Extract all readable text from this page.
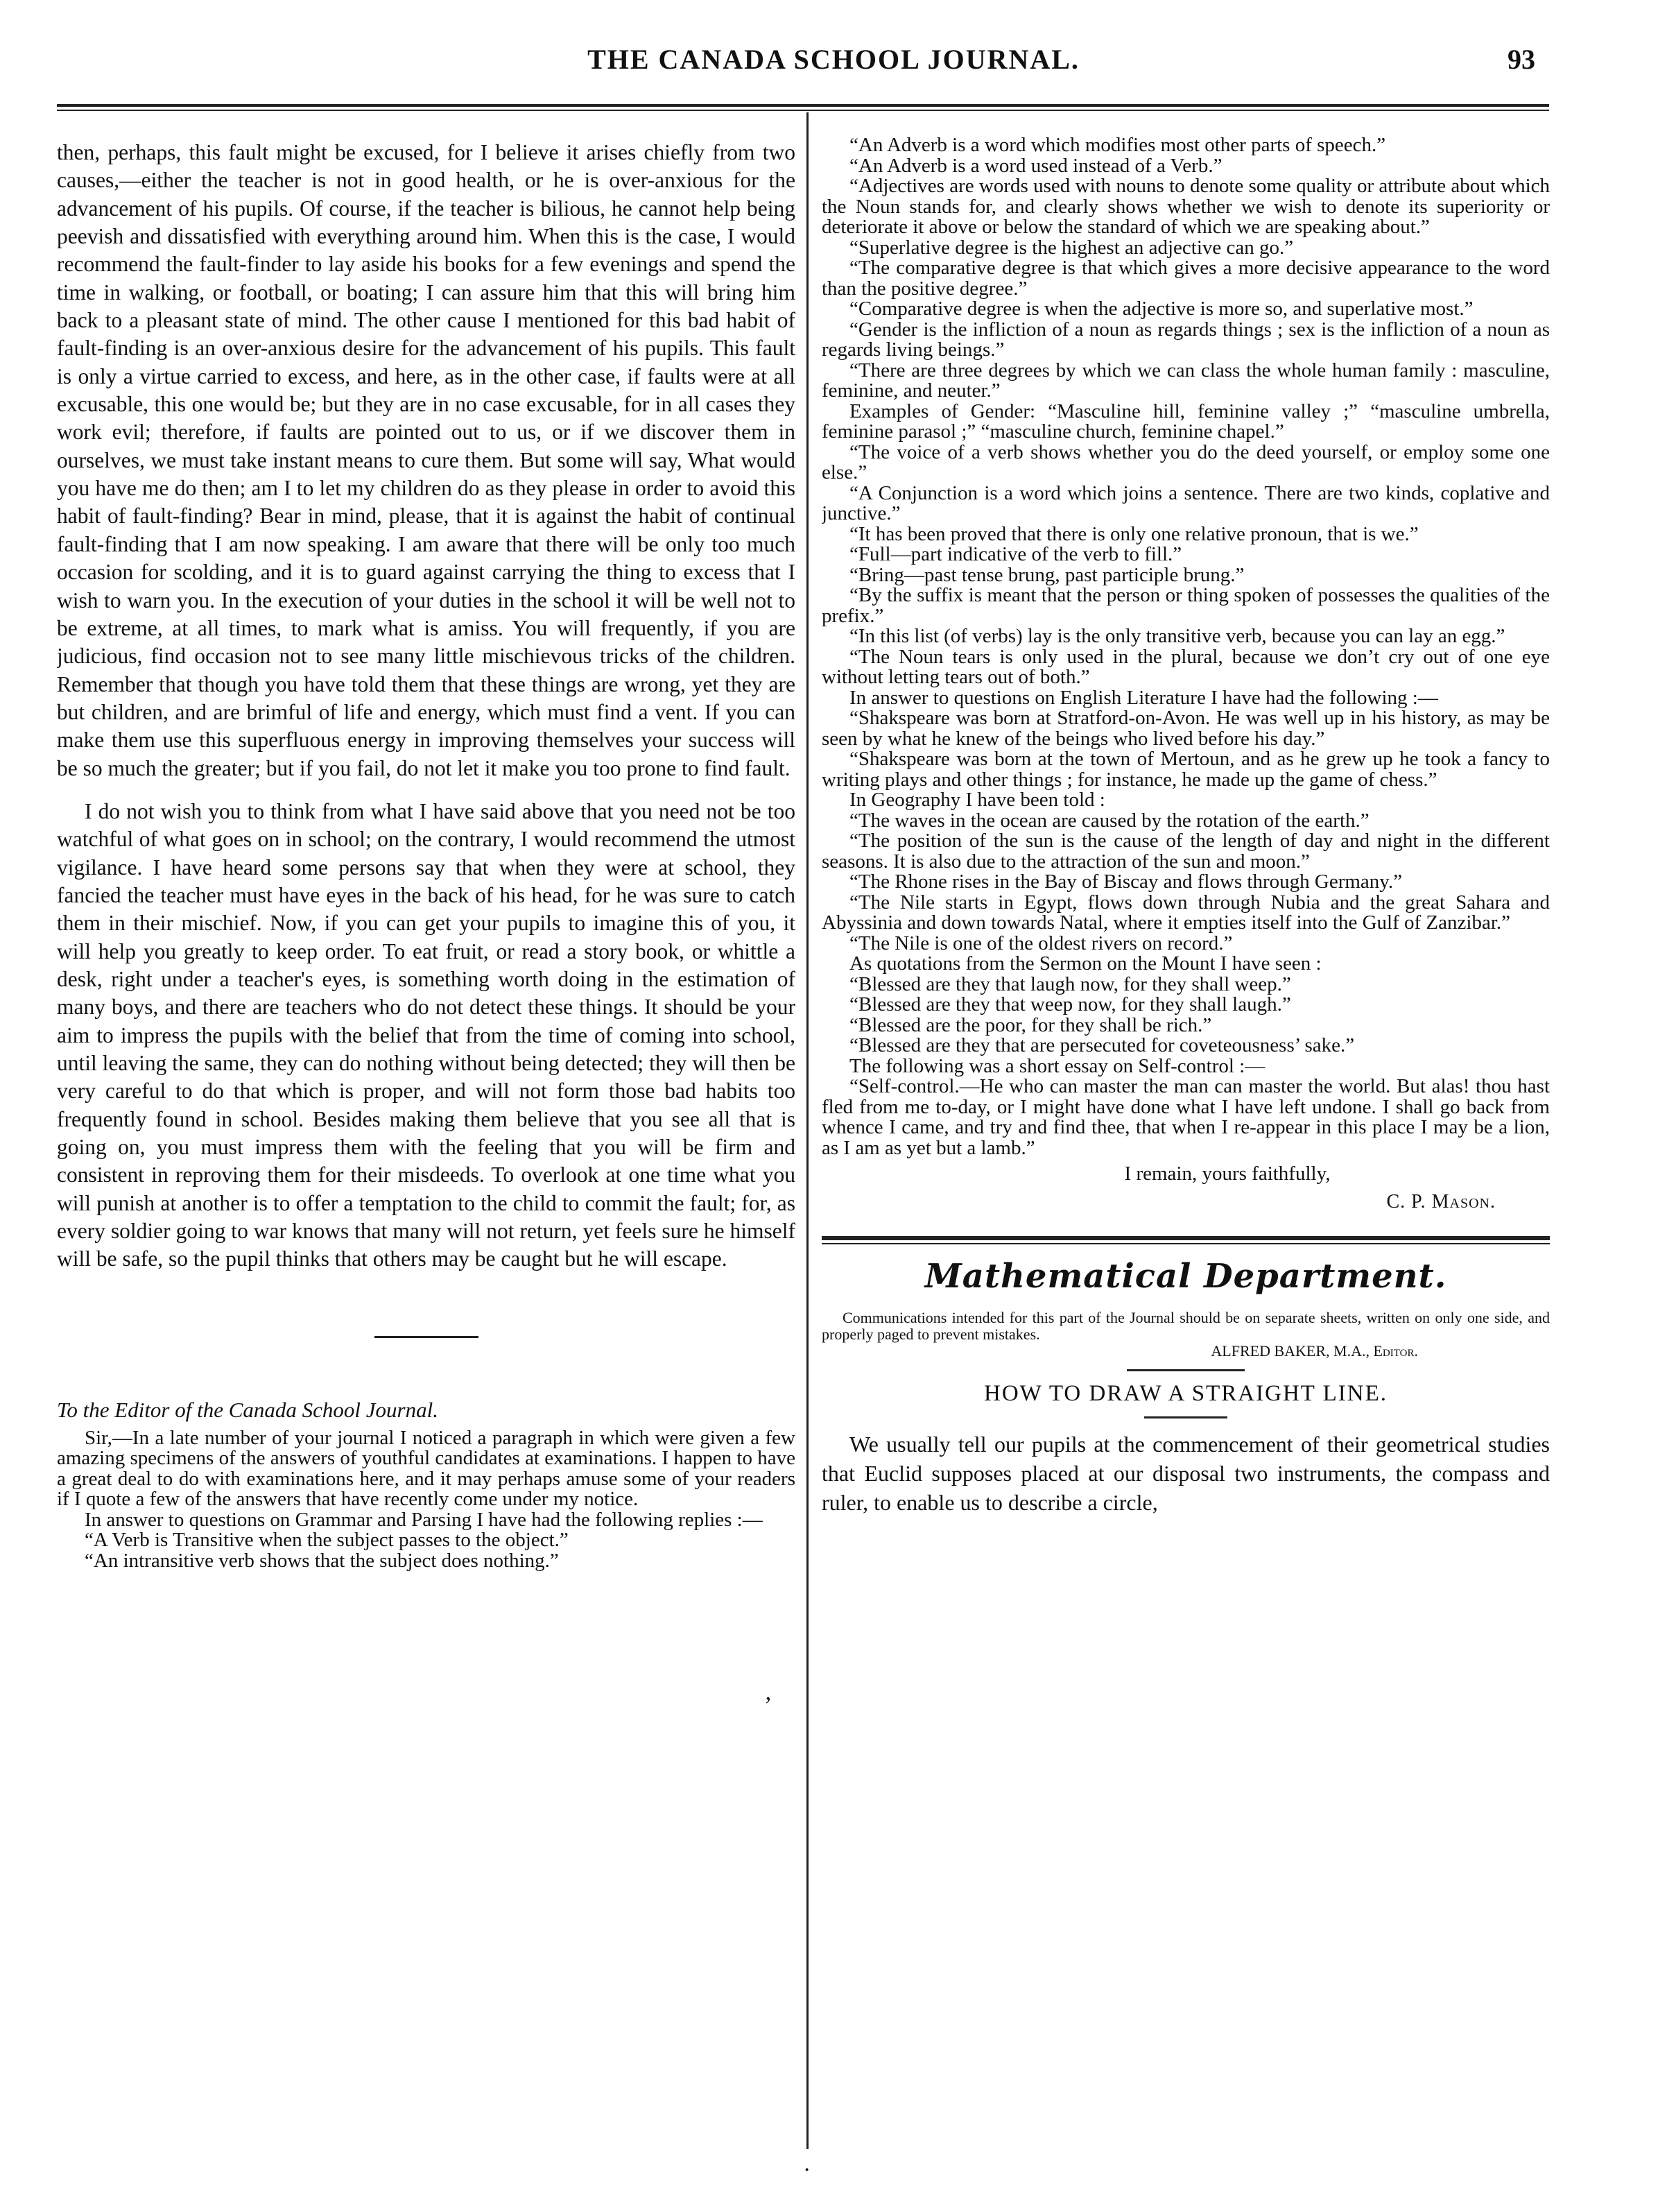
THE CANADA SCHOOL JOURNAL.	93

then, perhaps, this fault might be excused, for I believe it arises chiefly from two causes,—either the teacher is not in good health, or he is over-anxious for the advancement of his pupils. Of course, if the teacher is bilious, he cannot help being peevish and dissatisfied with everything around him. When this is the case, I would recommend the fault-finder to lay aside his books for a few evenings and spend the time in walking, or football, or boating; I can assure him that this will bring him back to a pleasant state of mind. The other cause I mentioned for this bad habit of fault-finding is an over-anxious desire for the advancement of his pupils. This fault is only a virtue carried to excess, and here, as in the other case, if faults were at all excusable, this one would be; but they are in no case excusable, for in all cases they work evil; therefore, if faults are pointed out to us, or if we discover them in ourselves, we must take instant means to cure them. But some will say, What would you have me do then; am I to let my children do as they please in order to avoid this habit of fault-finding? Bear in mind, please, that it is against the habit of continual fault-finding that I am now speaking. I am aware that there will be only too much occasion for scolding, and it is to guard against carrying the thing to excess that I wish to warn you. In the execution of your duties in the school it will be well not to be extreme, at all times, to mark what is amiss. You will frequently, if you are judicious, find occasion not to see many little mischievous tricks of the children. Remember that though you have told them that these things are wrong, yet they are but children, and are brimful of life and energy, which must find a vent. If you can make them use this superfluous energy in improving themselves your success will be so much the greater; but if you fail, do not let it make you too prone to find fault.

I do not wish you to think from what I have said above that you need not be too watchful of what goes on in school; on the contrary, I would recommend the utmost vigilance. I have heard some persons say that when they were at school, they fancied the teacher must have eyes in the back of his head, for he was sure to catch them in their mischief. Now, if you can get your pupils to imagine this of you, it will help you greatly to keep order. To eat fruit, or read a story book, or whittle a desk, right under a teacher's eyes, is something worth doing in the estimation of many boys, and there are teachers who do not detect these things. It should be your aim to impress the pupils with the belief that from the time of coming into school, until leaving the same, they can do nothing without being detected; they will then be very careful to do that which is proper, and will not form those bad habits too frequently found in school. Besides making them believe that you see all that is going on, you must impress them with the feeling that you will be firm and consistent in reproving them for their misdeeds. To overlook at one time what you will punish at another is to offer a temptation to the child to commit the fault; for, as every soldier going to war knows that many will not return, yet feels sure he himself will be safe, so the pupil thinks that others may be caught but he will escape.

To the Editor of the Canada School Journal.

Sir,—In a late number of your journal I noticed a paragraph in which were given a few amazing specimens of the answers of youthful candidates at examinations. I happen to have a great deal to do with examinations here, and it may perhaps amuse some of your readers if I quote a few of the answers that have recently come under my notice.

In answer to questions on Grammar and Parsing I have had the following replies :—

“A Verb is Transitive when the subject passes to the object.”

“An intransitive verb shows that the subject does nothing.”

“An Adverb is a word which modifies most other parts of speech.”

“An Adverb is a word used instead of a Verb.”

“Adjectives are words used with nouns to denote some quality or attribute about which the Noun stands for, and clearly shows whether we wish to denote its superiority or deteriorate it above or below the standard of which we are speaking about.”

“Superlative degree is the highest an adjective can go.”

“The comparative degree is that which gives a more decisive appearance to the word than the positive degree.”

“Comparative degree is when the adjective is more so, and superlative most.”

“Gender is the infliction of a noun as regards things ; sex is the infliction of a noun as regards living beings.”

“There are three degrees by which we can class the whole human family : masculine, feminine, and neuter.”

Examples of Gender: “Masculine hill, feminine valley ;” “masculine umbrella, feminine parasol ;” “masculine church, feminine chapel.”

“The voice of a verb shows whether you do the deed yourself, or employ some one else.”

“A Conjunction is a word which joins a sentence. There are two kinds, coplative and junctive.”

“It has been proved that there is only one relative pronoun, that is we.”

“Full—part indicative of the verb to fill.”

“Bring—past tense brung, past participle brung.”

“By the suffix is meant that the person or thing spoken of possesses the qualities of the prefix.”

“In this list (of verbs) lay is the only transitive verb, because you can lay an egg.”

“The Noun tears is only used in the plural, because we don’t cry out of one eye without letting tears out of both.”

In answer to questions on English Literature I have had the following :—

“Shakspeare was born at Stratford-on-Avon. He was well up in his history, as may be seen by what he knew of the beings who lived before his day.”

“Shakspeare was born at the town of Mertoun, and as he grew up he took a fancy to writing plays and other things ; for instance, he made up the game of chess.”

In Geography I have been told :

“The waves in the ocean are caused by the rotation of the earth.”

“The position of the sun is the cause of the length of day and night in the different seasons. It is also due to the attraction of the sun and moon.”

“The Rhone rises in the Bay of Biscay and flows through Germany.”

“The Nile starts in Egypt, flows down through Nubia and the great Sahara and Abyssinia and down towards Natal, where it empties itself into the Gulf of Zanzibar.”

“The Nile is one of the oldest rivers on record.”

As quotations from the Sermon on the Mount I have seen :

“Blessed are they that laugh now, for they shall weep.”

“Blessed are they that weep now, for they shall laugh.”

“Blessed are the poor, for they shall be rich.”

“Blessed are they that are persecuted for coveteousness’ sake.”

The following was a short essay on Self-control :—

“Self-control.—He who can master the man can master the world. But alas! thou hast fled from me to-day, or I might have done what I have left undone. I shall go back from whence I came, and try and find thee, that when I re-appear in this place I may be a lion, as I am as yet but a lamb.”

I remain, yours faithfully,

C. P. Mason.

Mathematical Department.

Communications intended for this part of the Journal should be on separate sheets, written on only one side, and properly paged to prevent mistakes.

ALFRED BAKER, M.A., Editor.

HOW TO DRAW A STRAIGHT LINE.

We usually tell our pupils at the commencement of their geometrical studies that Euclid supposes placed at our disposal two instruments, the compass and ruler, to enable us to describe a circle,

’
·
